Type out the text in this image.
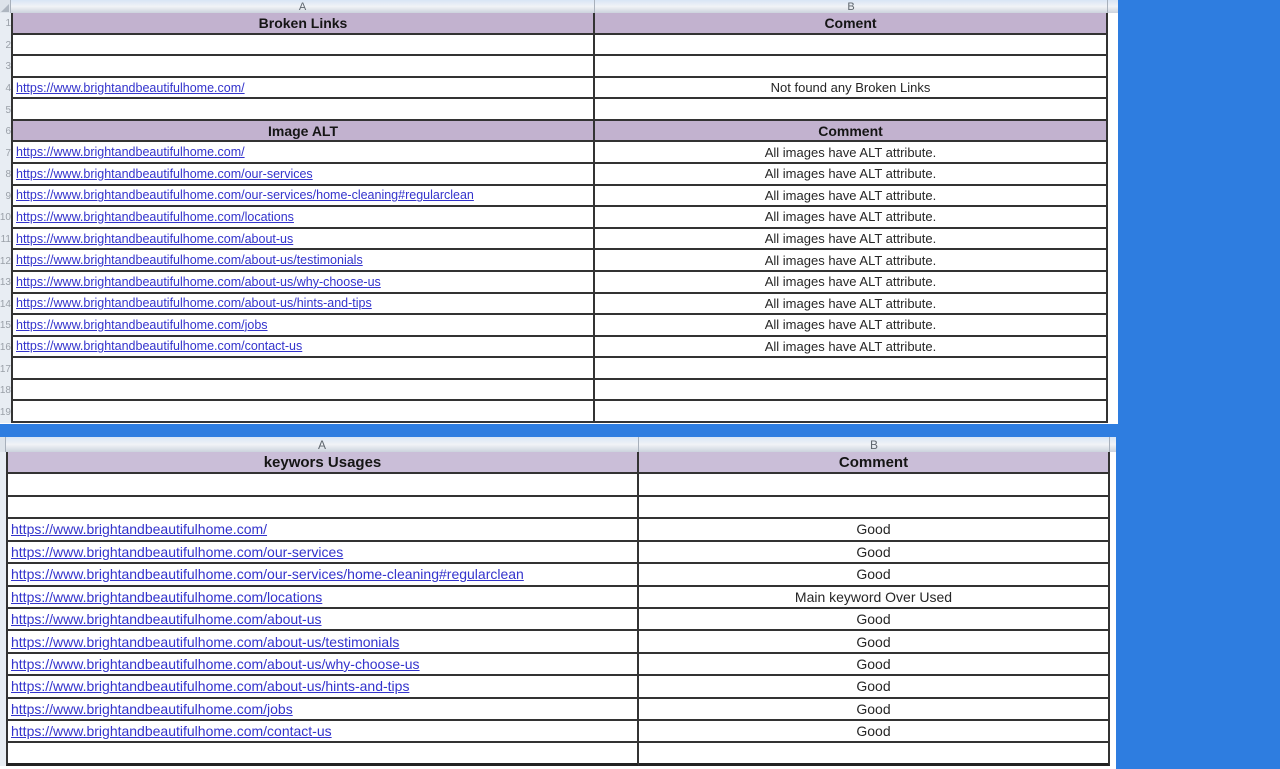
A	B
1	Broken Links	Coment
2
3
4 https://www.brightandbeautifulhome.com/	Not found any Broken Links
5
6	Image ALT	Comment
7 https://www.brightandbeautifulhome.com/	All images have ALT attribute.
8 https://www.brightandbeautifulhome.com/our-services	All images have ALT attribute.
9 https://www.brightandbeautifulhome.com/our-services/home-cleaning#regularclean	All images have ALT attribute.
10 https://www.brightandbeautifulhome.com/locations	All images have ALT attribute.
11 https://www.brightandbeautifulhome.com/about-us	All images have ALT attribute.
12 https://www.brightandbeautifulhome.com/about-us/testimonials	All images have ALT attribute.
13 https://www.brightandbeautifulhome.com/about-us/why-choose-us	All images have ALT attribute.
14 https://www.brightandbeautifulhome.com/about-us/hints-and-tips	All images have ALT attribute.
15 https://www.brightandbeautifulhome.com/jobs	All images have ALT attribute.
16 https://www.brightandbeautifulhome.com/contact-us	All images have ALT attribute.
17
18
19
A	B
keywors Usages	Comment
https://www.brightandbeautifulhome.com/	Good
https://www.brightandbeautifulhome.com/our-services	Good
https://www.brightandbeautifulhome.com/our-services/home-cleaning#regularclean	Good
https://www.brightandbeautifulhome.com/locations	Main keyword Over Used
https://www.brightandbeautifulhome.com/about-us	Good
https://www.brightandbeautifulhome.com/about-us/testimonials	Good
https://www.brightandbeautifulhome.com/about-us/why-choose-us	Good
https://www.brightandbeautifulhome.com/about-us/hints-and-tips	Good
https://www.brightandbeautifulhome.com/jobs	Good
https://www.brightandbeautifulhome.com/contact-us	Good
